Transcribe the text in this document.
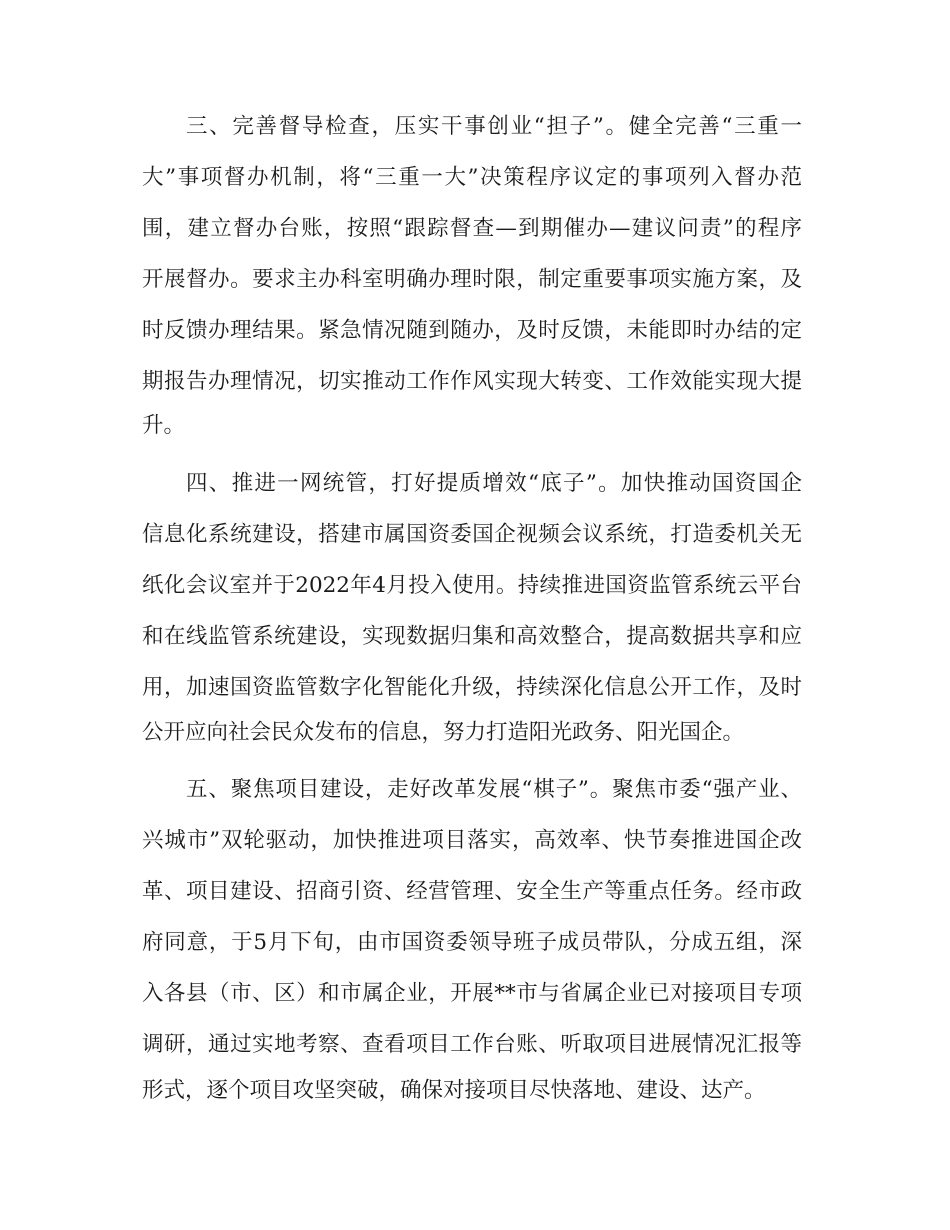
三、完善督导检查，压实干事创业“担子”。健全完善“三重一
大”事项督办机制，将“三重一大”决策程序议定的事项列入督办范
围，建立督办台账，按照“跟踪督查—到期催办—建议问责”的程序
开展督办。要求主办科室明确办理时限，制定重要事项实施方案，及
时反馈办理结果。紧急情况随到随办，及时反馈，未能即时办结的定
期报告办理情况，切实推动工作作风实现大转变、工作效能实现大提
升。
四、推进一网统管，打好提质增效“底子”。加快推动国资国企
信息化系统建设，搭建市属国资委国企视频会议系统，打造委机关无
纸化会议室并于2022年4月投入使用。持续推进国资监管系统云平台
和在线监管系统建设，实现数据归集和高效整合，提高数据共享和应
用，加速国资监管数字化智能化升级，持续深化信息公开工作，及时
公开应向社会民众发布的信息，努力打造阳光政务、阳光国企。
五、聚焦项目建设，走好改革发展“棋子”。聚焦市委“强产业、
兴城市”双轮驱动，加快推进项目落实，高效率、快节奏推进国企改
革、项目建设、招商引资、经营管理、安全生产等重点任务。经市政
府同意，于5月下旬，由市国资委领导班子成员带队，分成五组，深
入各县（市、区）和市属企业，开展**市与省属企业已对接项目专项
调研，通过实地考察、查看项目工作台账、听取项目进展情况汇报等
形式，逐个项目攻坚突破，确保对接项目尽快落地、建设、达产。
